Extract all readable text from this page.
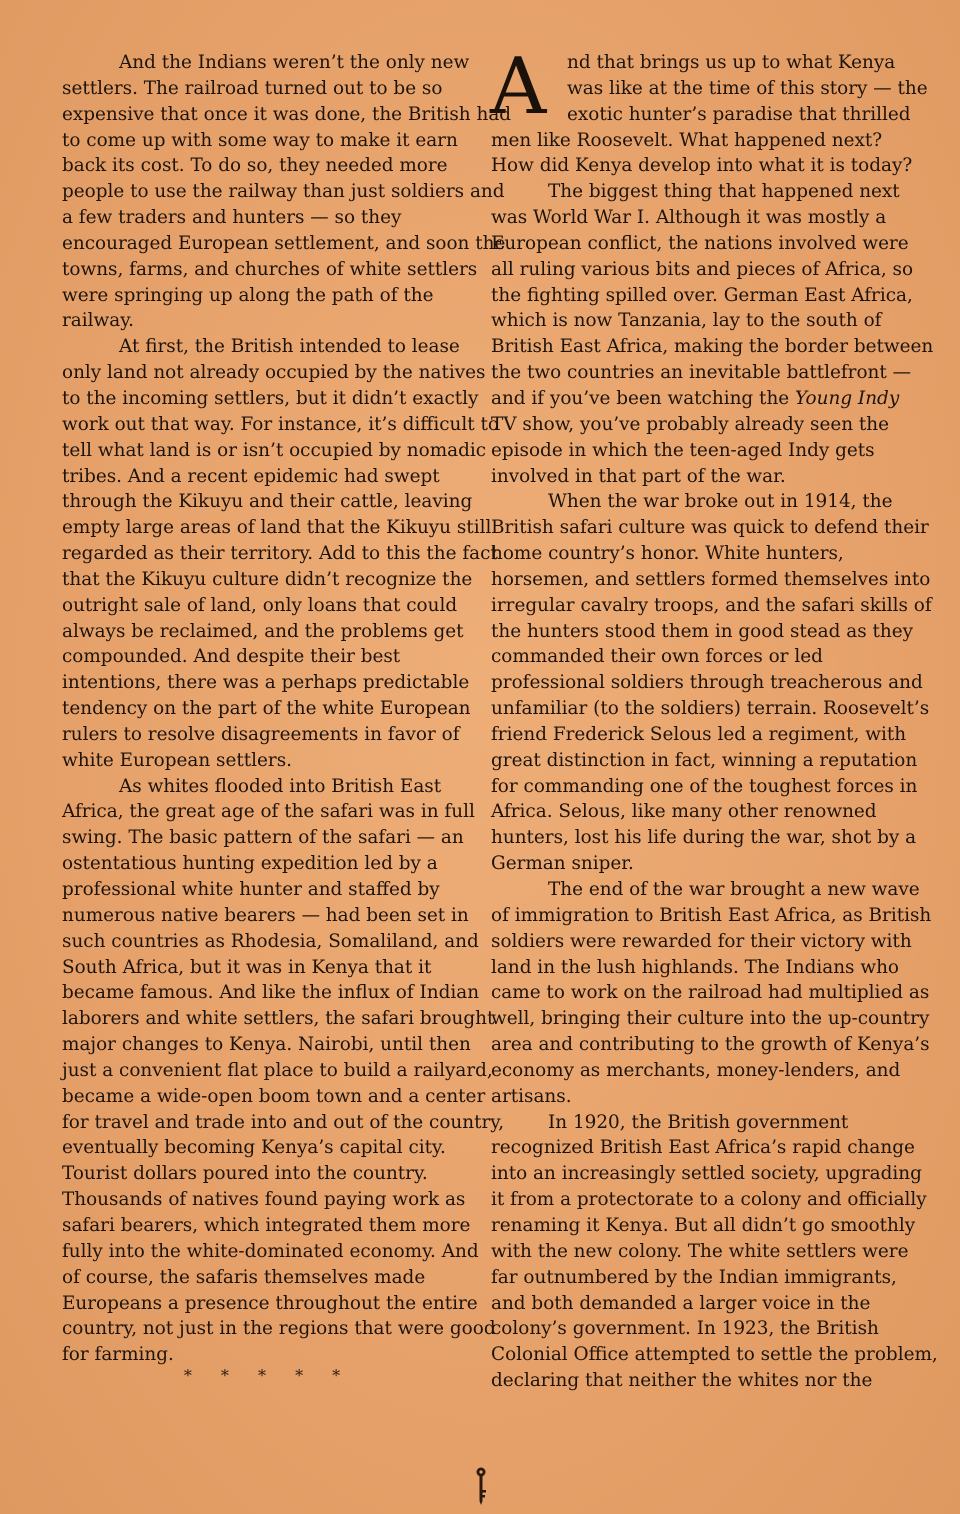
And the Indians weren’t the only new
settlers. The railroad turned out to be so
expensive that once it was done, the British had
to come up with some way to make it earn
back its cost. To do so, they needed more
people to use the railway than just soldiers and
a few traders and hunters — so they
encouraged European settlement, and soon the
towns, farms, and churches of white settlers
were springing up along the path of the
railway.
At first, the British intended to lease
only land not already occupied by the natives
to the incoming settlers, but it didn’t exactly
work out that way. For instance, it’s difficult to
tell what land is or isn’t occupied by nomadic
tribes. And a recent epidemic had swept
through the Kikuyu and their cattle, leaving
empty large areas of land that the Kikuyu still
regarded as their territory. Add to this the fact
that the Kikuyu culture didn’t recognize the
outright sale of land, only loans that could
always be reclaimed, and the problems get
compounded. And despite their best
intentions, there was a perhaps predictable
tendency on the part of the white European
rulers to resolve disagreements in favor of
white European settlers.
As whites flooded into British East
Africa, the great age of the safari was in full
swing. The basic pattern of the safari — an
ostentatious hunting expedition led by a
professional white hunter and staffed by
numerous native bearers — had been set in
such countries as Rhodesia, Somaliland, and
South Africa, but it was in Kenya that it
became famous. And like the influx of Indian
laborers and white settlers, the safari brought
major changes to Kenya. Nairobi, until then
just a convenient flat place to build a railyard,
became a wide-open boom town and a center
for travel and trade into and out of the country,
eventually becoming Kenya’s capital city.
Tourist dollars poured into the country.
Thousands of natives found paying work as
safari bearers, which integrated them more
fully into the white-dominated economy. And
of course, the safaris themselves made
Europeans a presence throughout the entire
country, not just in the regions that were good
for farming.
* * * * *
A	nd that brings us up to what Kenya
was like at the time of this story — the
exotic hunter’s paradise that thrilled
men like Roosevelt. What happened next?
How did Kenya develop into what it is today?
The biggest thing that happened next
was World War I. Although it was mostly a
European conflict, the nations involved were
all ruling various bits and pieces of Africa, so
the fighting spilled over. German East Africa,
which is now Tanzania, lay to the south of
British East Africa, making the border between
the two countries an inevitable battlefront —
and if you’ve been watching the Young Indy
TV show, you’ve probably already seen the
episode in which the teen-aged Indy gets
involved in that part of the war.
When the war broke out in 1914, the
British safari culture was quick to defend their
home country’s honor. White hunters,
horsemen, and settlers formed themselves into
irregular cavalry troops, and the safari skills of
the hunters stood them in good stead as they
commanded their own forces or led
professional soldiers through treacherous and
unfamiliar (to the soldiers) terrain. Roosevelt’s
friend Frederick Selous led a regiment, with
great distinction in fact, winning a reputation
for commanding one of the toughest forces in
Africa. Selous, like many other renowned
hunters, lost his life during the war, shot by a
German sniper.
The end of the war brought a new wave
of immigration to British East Africa, as British
soldiers were rewarded for their victory with
land in the lush highlands. The Indians who
came to work on the railroad had multiplied as
well, bringing their culture into the up-country
area and contributing to the growth of Kenya’s
economy as merchants, money-lenders, and
artisans.
In 1920, the British government
recognized British East Africa’s rapid change
into an increasingly settled society, upgrading
it from a protectorate to a colony and officially
renaming it Kenya. But all didn’t go smoothly
with the new colony. The white settlers were
far outnumbered by the Indian immigrants,
and both demanded a larger voice in the
colony’s government. In 1923, the British
Colonial Office attempted to settle the problem,
declaring that neither the whites nor the
